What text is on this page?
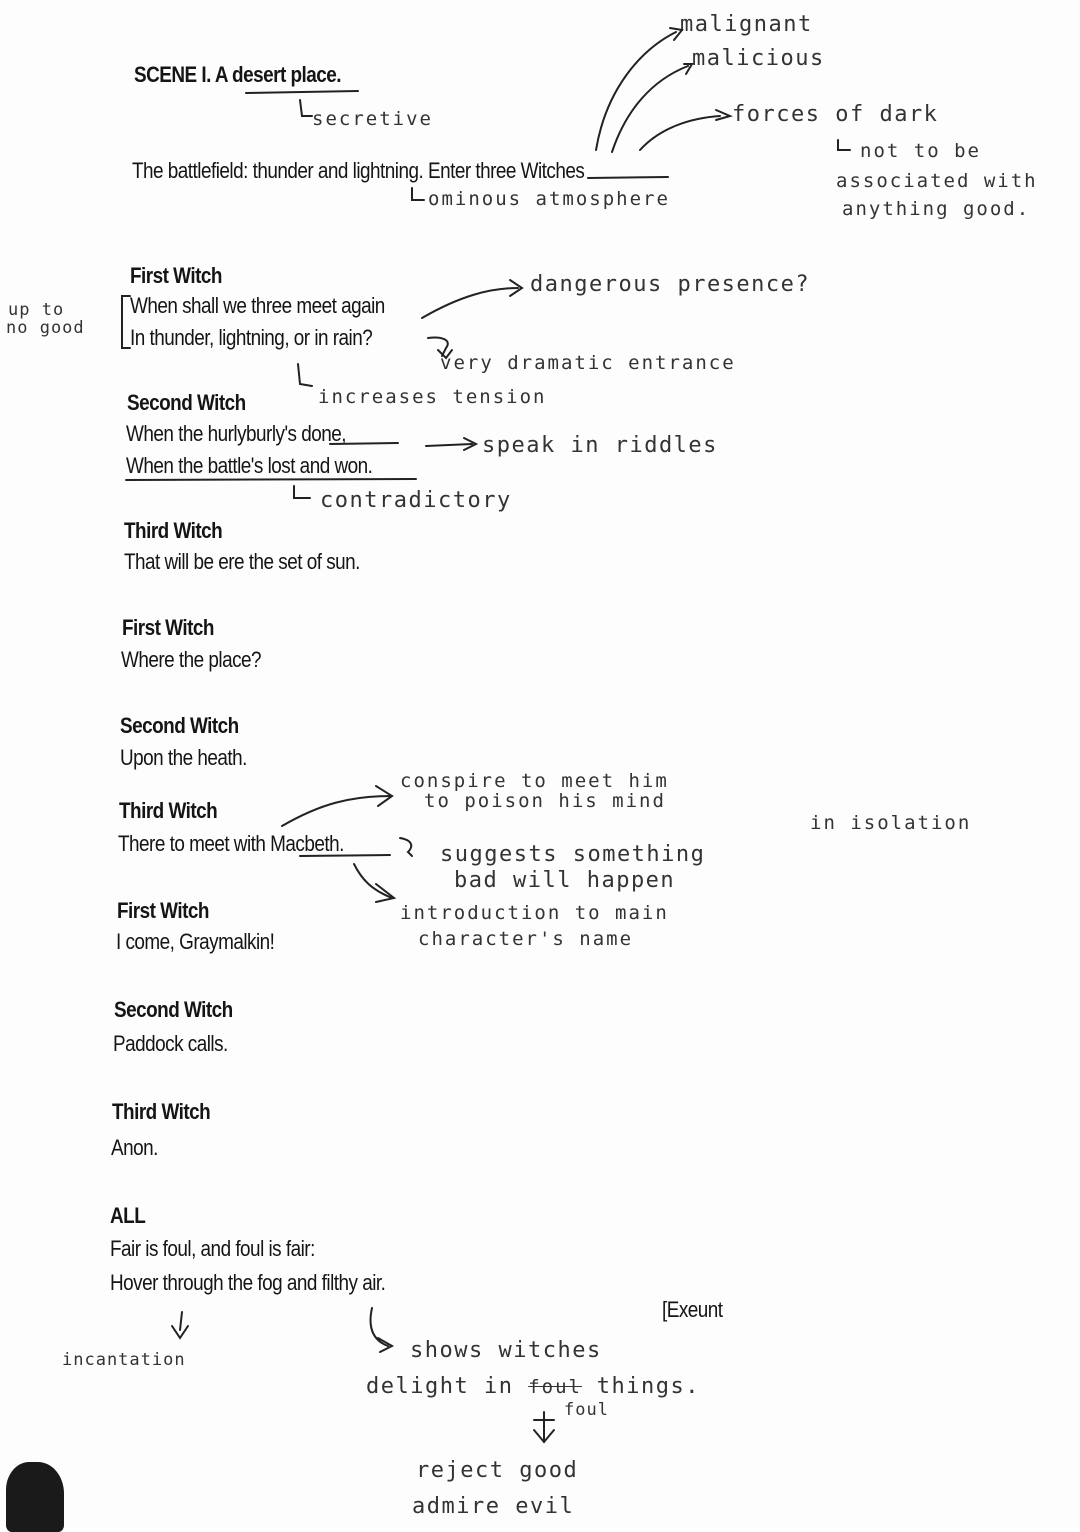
SCENE I. A desert place.
The battlefield: thunder and lightning. Enter three Witches
First Witch
When shall we three meet again
In thunder, lightning, or in rain?
Second Witch
When the hurlyburly's done,
When the battle's lost and won.
Third Witch
That will be ere the set of sun.
First Witch
Where the place?
Second Witch
Upon the heath.
Third Witch
There to meet with Macbeth.
First Witch
I come, Graymalkin!
Second Witch
Paddock calls.
Third Witch
Anon.
ALL
Fair is foul, and foul is fair:
Hover through the fog and filthy air.
[Exeunt
malignant
malicious
forces of dark
not to be
associated with
anything good.
secretive
ominous atmosphere
up to
no good
dangerous presence?
very dramatic entrance
increases tension
speak in riddles
contradictory
conspire to meet him
to poison his mind
in isolation
suggests something
bad will happen
introduction to main
character's name
incantation	shows witches
delight in foul things.
foul
reject good
admire evil
